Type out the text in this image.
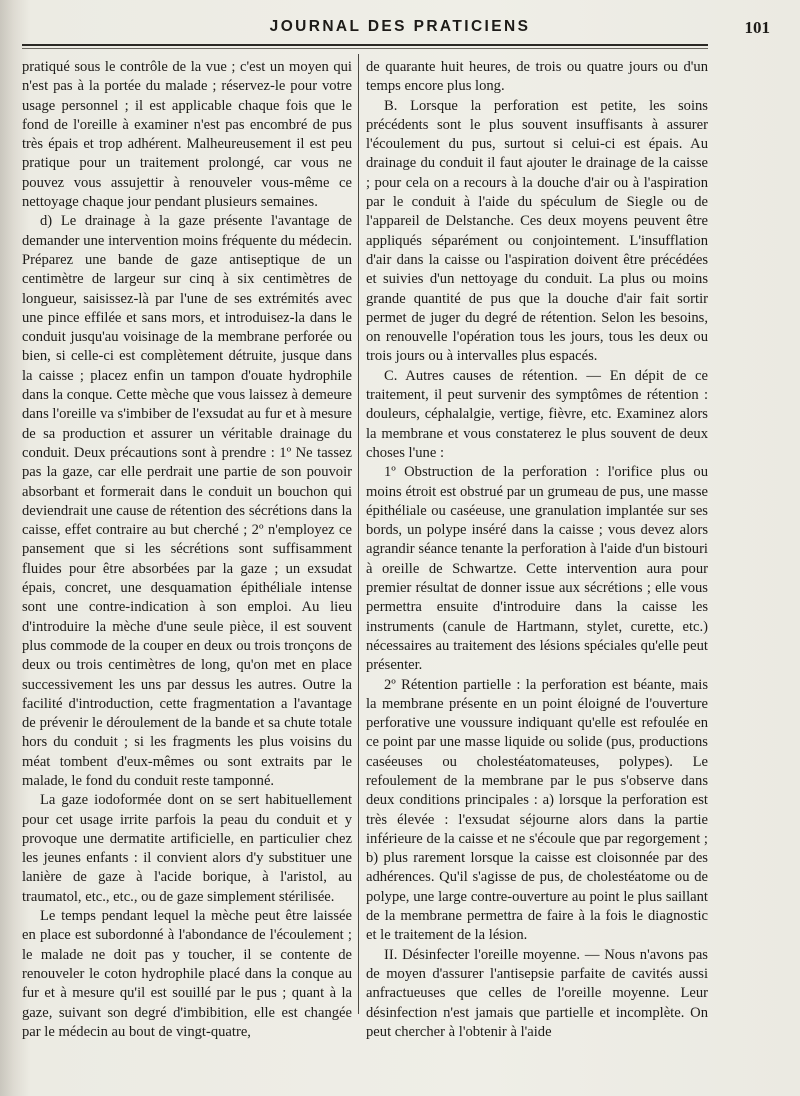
JOURNAL DES PRATICIENS	101

pratiqué sous le contrôle de la vue ; c'est un moyen qui n'est pas à la portée du malade ; réservez-le pour votre usage personnel ; il est applicable chaque fois que le fond de l'oreille à examiner n'est pas encombré de pus très épais et trop adhérent. Malheureusement il est peu pratique pour un traitement prolongé, car vous ne pouvez vous assujettir à renouveler vous-même ce nettoyage chaque jour pendant plusieurs semaines.

d) Le drainage à la gaze présente l'avantage de demander une intervention moins fréquente du médecin. Préparez une bande de gaze antiseptique de un centimètre de largeur sur cinq à six centimètres de longueur, saisissez-là par l'une de ses extrémités avec une pince effilée et sans mors, et introduisez-la dans le conduit jusqu'au voisinage de la membrane perforée ou bien, si celle-ci est complètement détruite, jusque dans la caisse ; placez enfin un tampon d'ouate hydrophile dans la conque. Cette mèche que vous laissez à demeure dans l'oreille va s'imbiber de l'exsudat au fur et à mesure de sa production et assurer un véritable drainage du conduit. Deux précautions sont à prendre : 1º Ne tassez pas la gaze, car elle perdrait une partie de son pouvoir absorbant et formerait dans le conduit un bouchon qui deviendrait une cause de rétention des sécrétions dans la caisse, effet contraire au but cherché ; 2º n'employez ce pansement que si les sécrétions sont suffisamment fluides pour être absorbées par la gaze ; un exsudat épais, concret, une desquamation épithéliale intense sont une contre-indication à son emploi. Au lieu d'introduire la mèche d'une seule pièce, il est souvent plus commode de la couper en deux ou trois tronçons de deux ou trois centimètres de long, qu'on met en place successivement les uns par dessus les autres. Outre la facilité d'introduction, cette fragmentation a l'avantage de prévenir le déroulement de la bande et sa chute totale hors du conduit ; si les fragments les plus voisins du méat tombent d'eux-mêmes ou sont extraits par le malade, le fond du conduit reste tamponné.

La gaze iodoformée dont on se sert habituellement pour cet usage irrite parfois la peau du conduit et y provoque une dermatite artificielle, en particulier chez les jeunes enfants : il convient alors d'y substituer une lanière de gaze à l'acide borique, à l'aristol, au traumatol, etc., etc., ou de gaze simplement stérilisée.

Le temps pendant lequel la mèche peut être laissée en place est subordonné à l'abondance de l'écoulement ; le malade ne doit pas y toucher, il se contente de renouveler le coton hydrophile placé dans la conque au fur et à mesure qu'il est souillé par le pus ; quant à la gaze, suivant son degré d'imbibition, elle est changée par le médecin au bout de vingt-quatre,

de quarante huit heures, de trois ou quatre jours ou d'un temps encore plus long.

B. Lorsque la perforation est petite, les soins précédents sont le plus souvent insuffisants à assurer l'écoulement du pus, surtout si celui-ci est épais. Au drainage du conduit il faut ajouter le drainage de la caisse ; pour cela on a recours à la douche d'air ou à l'aspiration par le conduit à l'aide du spéculum de Siegle ou de l'appareil de Delstanche. Ces deux moyens peuvent être appliqués séparément ou conjointement. L'insufflation d'air dans la caisse ou l'aspiration doivent être précédées et suivies d'un nettoyage du conduit. La plus ou moins grande quantité de pus que la douche d'air fait sortir permet de juger du degré de rétention. Selon les besoins, on renouvelle l'opération tous les jours, tous les deux ou trois jours ou à intervalles plus espacés.

C. Autres causes de rétention. — En dépit de ce traitement, il peut survenir des symptômes de rétention : douleurs, céphalalgie, vertige, fièvre, etc. Examinez alors la membrane et vous constaterez le plus souvent de deux choses l'une :

1º Obstruction de la perforation : l'orifice plus ou moins étroit est obstrué par un grumeau de pus, une masse épithéliale ou caséeuse, une granulation implantée sur ses bords, un polype inséré dans la caisse ; vous devez alors agrandir séance tenante la perforation à l'aide d'un bistouri à oreille de Schwartze. Cette intervention aura pour premier résultat de donner issue aux sécrétions ; elle vous permettra ensuite d'introduire dans la caisse les instruments (canule de Hartmann, stylet, curette, etc.) nécessaires au traitement des lésions spéciales qu'elle peut présenter.

2º Rétention partielle : la perforation est béante, mais la membrane présente en un point éloigné de l'ouverture perforative une voussure indiquant qu'elle est refoulée en ce point par une masse liquide ou solide (pus, productions caséeuses ou cholestéatomateuses, polypes). Le refoulement de la membrane par le pus s'observe dans deux conditions principales : a) lorsque la perforation est très élevée : l'exsudat séjourne alors dans la partie inférieure de la caisse et ne s'écoule que par regorgement ; b) plus rarement lorsque la caisse est cloisonnée par des adhérences. Qu'il s'agisse de pus, de cholestéatome ou de polype, une large contre-ouverture au point le plus saillant de la membrane permettra de faire à la fois le diagnostic et le traitement de la lésion.

II. Désinfecter l'oreille moyenne. — Nous n'avons pas de moyen d'assurer l'antisepsie parfaite de cavités aussi anfractueuses que celles de l'oreille moyenne. Leur désinfection n'est jamais que partielle et incomplète. On peut chercher à l'obtenir à l'aide
